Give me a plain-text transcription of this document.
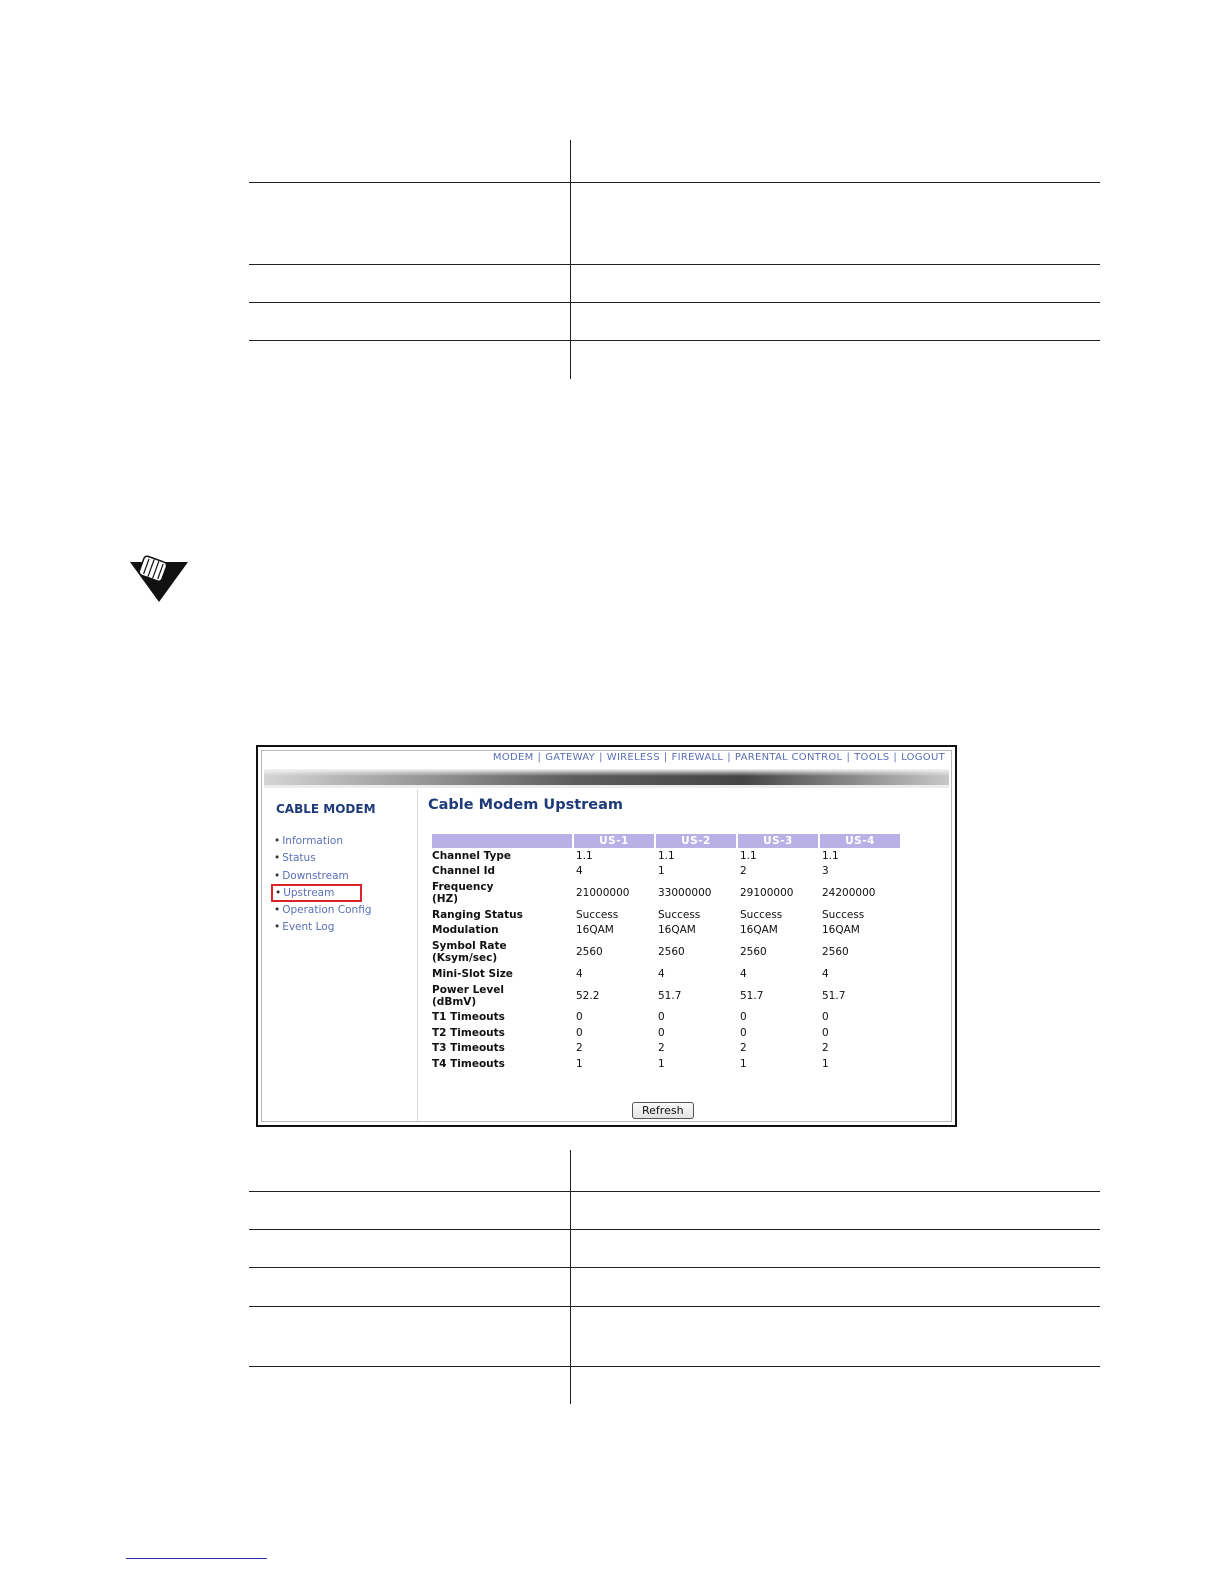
MODEM | GATEWAY | WIRELESS | FIREWALL | PARENTAL CONTROL | TOOLS | LOGOUT
CABLE MODEM
• Information
• Status
• Downstream
• Upstream
• Operation Config
• Event Log
Cable Modem Upstream
	US-1	US-2	US-3	US-4
Channel Type	1.1	1.1	1.1	1.1
Channel Id	4	1	2	3
Frequency
(HZ)	21000000	33000000	29100000	24200000
Ranging Status	Success	Success	Success	Success
Modulation	16QAM	16QAM	16QAM	16QAM
Symbol Rate
(Ksym/sec)	2560	2560	2560	2560
Mini-Slot Size	4	4	4	4
Power Level
(dBmV)	52.2	51.7	51.7	51.7
T1 Timeouts	0	0	0	0
T2 Timeouts	0	0	0	0
T3 Timeouts	2	2	2	2
T4 Timeouts	1	1	1	1
Refresh
